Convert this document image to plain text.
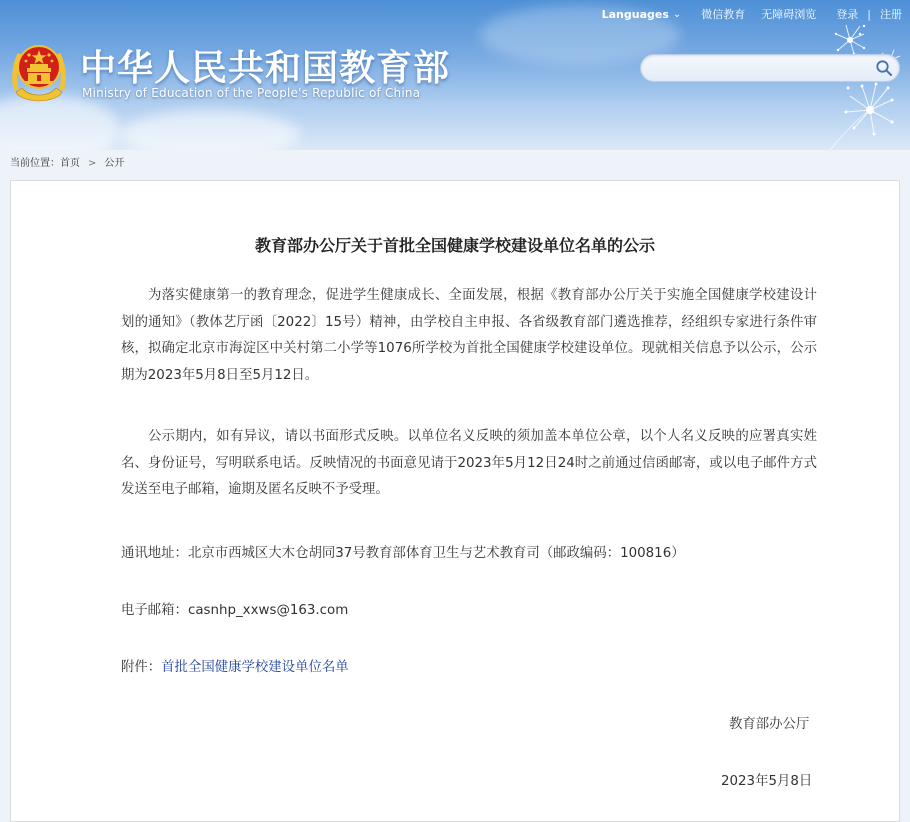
Languages ⌄ 微信教育 无障碍浏览 登录 | 注册
中华人民共和国教育部
Ministry of Education of the People's Republic of China
当前位置：首页 > 公开
教育部办公厅关于首批全国健康学校建设单位名单的公示

为落实健康第一的教育理念，促进学生健康成长、全面发展，根据《教育部办公厅关于实施全国健康学校建设计划的通知》（教体艺厅函〔2022〕15号）精神，由学校自主申报、各省级教育部门遴选推荐，经组织专家进行条件审核，拟确定北京市海淀区中关村第二小学等1076所学校为首批全国健康学校建设单位。现就相关信息予以公示，公示期为2023年5月8日至5月12日。

公示期内，如有异议，请以书面形式反映。以单位名义反映的须加盖本单位公章，以个人名义反映的应署真实姓名、身份证号，写明联系电话。反映情况的书面意见请于2023年5月12日24时之前通过信函邮寄，或以电子邮件方式发送至电子邮箱，逾期及匿名反映不予受理。

通讯地址：北京市西城区大木仓胡同37号教育部体育卫生与艺术教育司（邮政编码：100816）
电子邮箱：casnhp_xxws@163.com
附件：首批全国健康学校建设单位名单
教育部办公厅
2023年5月8日
